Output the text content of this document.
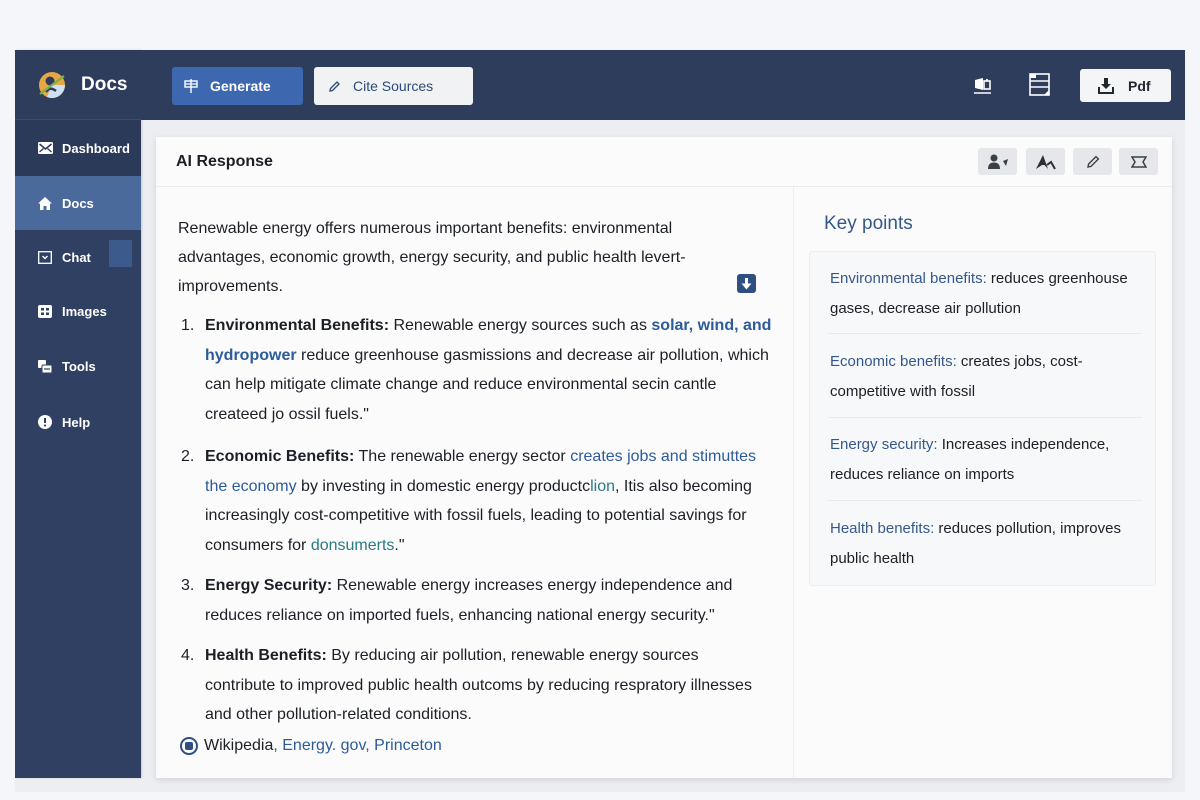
Docs
Dashboard
Docs
Chat
Images
Tools
Help
Generate	Cite Sources	Pdf
AI Response

Renewable energy offers numerous important benefits: environmental advantages, economic growth, energy security, and public health levert- improvements.

1. Environmental Benefits: Renewable energy sources such as solar, wind, and hydropower reduce greenhouse gasmissions and decrease air pollution, which can help mitigate climate change and reduce environmental secin cantle createed jo ossil fuels."
2. Economic Benefits: The renewable energy sector creates jobs and stimuttes the economy by investing in domestic energy productclion, Itis also becoming increasingly cost-competitive with fossil fuels, leading to potential savings for consumers for donsumerts."
3. Energy Security: Renewable energy increases energy independence and reduces reliance on imported fuels, enhancing national energy security."
4. Health Benefits: By reducing air pollution, renewable energy sources contribute to improved public health outcoms by reducing respratory illnesses and other pollution-related conditions.
Wikipedia , Energy. gov, Princeton
Key points
Environmental benefits: reduces greenhouse gases, decrease air pollution
Economic benefits: creates jobs, cost-competitive with fossil
Energy security: Increases independence, reduces reliance on imports
Health benefits: reduces pollution, improves public health
